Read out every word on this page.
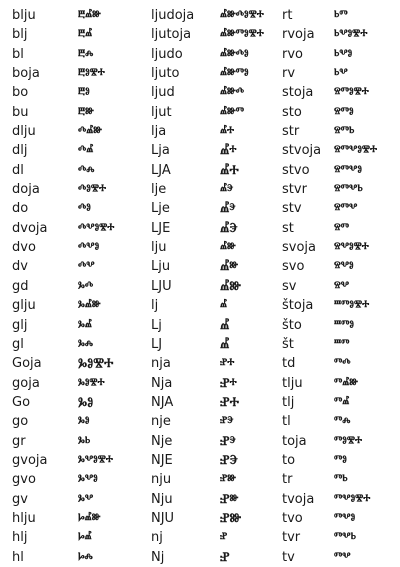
blju	ⰱⰼⱆ
blj	ⰱⰼ
bl	ⰱⰾ
boja	ⰱⱁⰺⰰ
bo	ⰱⱁ
bu	ⰱⱆ
dlju	ⰴⰼⱆ
dlj	ⰴⰼ
dl	ⰴⰾ
doja	ⰴⱁⰺⰰ
do	ⰴⱁ
dvoja ⰴⰲⱁⰺⰰ
dvo	ⰴⰲⱁ
dv	ⰴⰲ
gd	ⰳⰴ
glju	ⰳⰼⱆ
glj	ⰳⰼ
gl	ⰳⰾ
Goja	ⰃⰑⰊⰀ
goja	ⰳⱁⰺⰰ
Go	ⰃⰑ
go	ⰳⱁ
gr	ⰳⱃ
gvoja ⰳⰲⱁⰺⰰ
gvo	ⰳⰲⱁ
gv	ⰳⰲ
hlju	ⱈⰼⱆ
hlj	ⱈⰼ
hl	ⱈⰾ
ljudoja ⰼⱆⰴⱁⰺⰰ
ljutoja ⰼⱆⱅⱁⰺⰰ
ljudo	ⰼⱆⰴⱁ
ljuto	ⰼⱆⱅⱁ
ljud	ⰼⱆⰴ
ljut	ⰼⱆⱅ
lja	ⰼⰰ
Lja	Ⰼⰰ
LJA	ⰌⰀ
lje	ⰼⰵ
Lje	Ⰼⰵ
LJE	ⰌⰅ
lju	ⰼⱆ
Lju	Ⰼⱆ
LJU	ⰌⰖ
lj	ⰼ
Lj	Ⰼ
LJ	Ⰼ
nja	ⱀⰰ
Nja	Ⱀⰰ
NJA	ⰐⰀ
nje	ⱀⰵ
Nje	Ⱀⰵ
NJE	ⰐⰅ
nju	ⱀⱆ
Nju	Ⱀⱆ
NJU	ⰐⰖ
nj	ⱀ
Nj	Ⱀ
rt	ⱃⱅ
rvoja ⱃⰲⱁⰺⰰ
rvo ⱃⰲⱁ
rv	ⱃⰲ
stoja ⱄⱅⱁⰺⰰ
sto ⱄⱅⱁ
str	ⱄⱅⱃ
stvoja ⱄⱅⰲⱁⰺⰰ
stvo ⱄⱅⰲⱁ
stvr ⱄⱅⰲⱃ
stv ⱄⱅⰲ
st	ⱄⱅ
svoja ⱄⰲⱁⰺⰰ
svo ⱄⰲⱁ
sv	ⱄⰲ
štoja ⱎⱅⱁⰺⰰ
što ⱎⱅⱁ
št	ⱎⱅ
td	ⱅⰴ
tlju ⱅⰼⱆ
tlj	ⱅⰼ
tl	ⱅⰾ
toja ⱅⱁⰺⰰ
to	ⱅⱁ
tr	ⱅⱃ
tvoja ⱅⰲⱁⰺⰰ
tvo ⱅⰲⱁ
tvr	ⱅⰲⱃ
tv	ⱅⰲ
